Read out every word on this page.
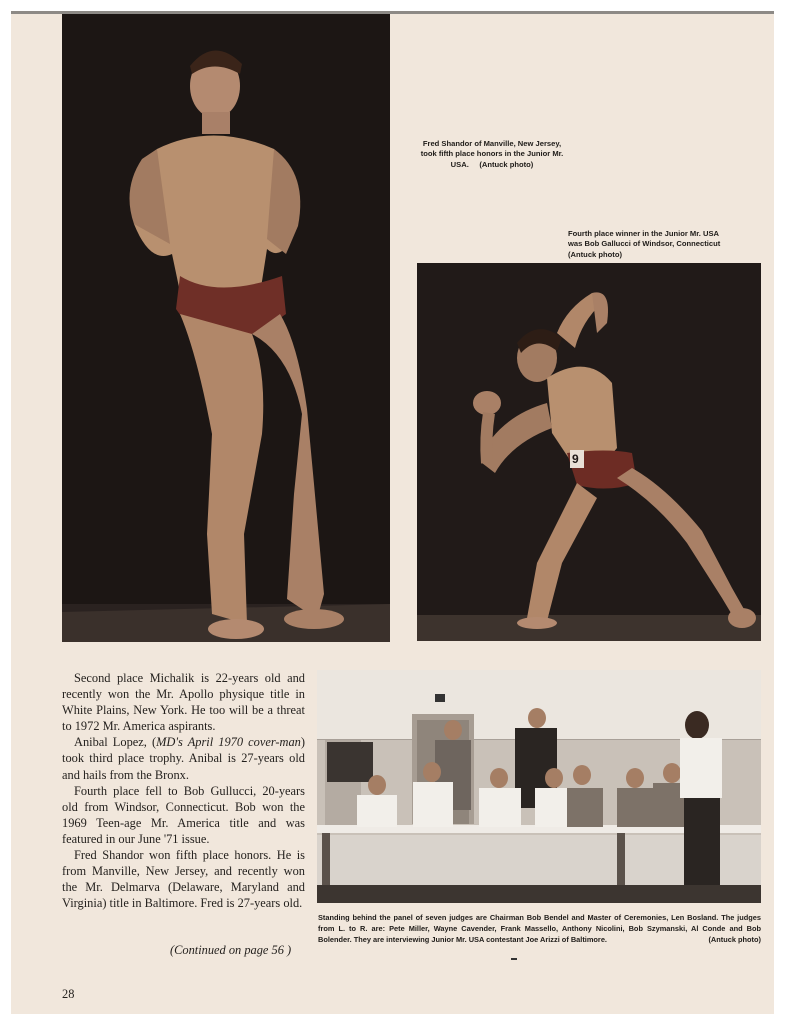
Fred Shandor of Manville, New Jersey,
took fifth place honors in the Junior Mr.
USA.     (Antuck photo)
Fourth place winner in the Junior Mr. USA
was Bob Gallucci of Windsor, Connecticut
(Antuck photo)
9

Second place Michalik is 22-years old and recently won the Mr. Apollo physique title in White Plains, New York. He too will be a threat to 1972 Mr. America aspirants.

Anibal Lopez, (MD's April 1970 cover-man) took third place trophy. Anibal is 27-years old and hails from the Bronx.

Fourth place fell to Bob Gullucci, 20-years old from Windsor, Connecticut. Bob won the 1969 Teen-age Mr. America title and was featured in our June '71 issue.

Fred Shandor won fifth place honors. He is from Manville, New Jersey, and recently won the Mr. Delmarva (Delaware, Maryland and Virginia) title in Baltimore. Fred is 27-years old.

(Continued on page 56 )
Standing behind the panel of seven judges are Chairman Bob Bendel and Master of Ceremonies, Len Bosland. The judges from L. to R. are: Pete Miller, Wayne Cavender, Frank Massello, Anthony Nicolini, Bob Szymanski, Al Conde and Bob Bolender. They are interviewing Junior Mr. USA contestant Joe Arizzi of Baltimore.	(Antuck photo)
28
